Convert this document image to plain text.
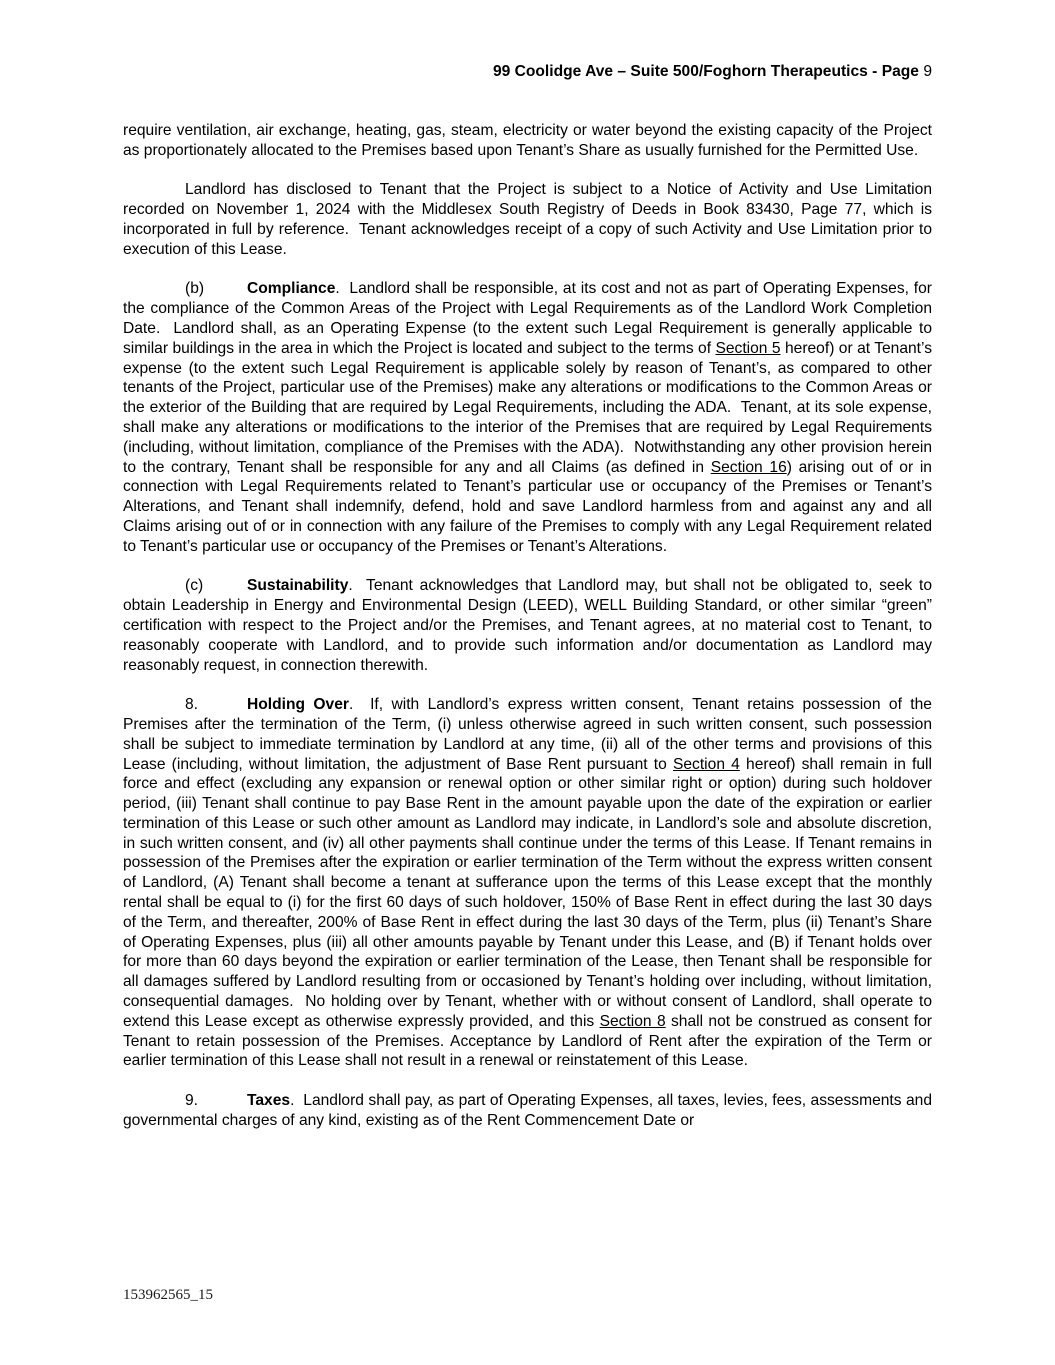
99 Coolidge Ave – Suite 500/Foghorn Therapeutics - Page 9

require ventilation, air exchange, heating, gas, steam, electricity or water beyond the existing capacity of the Project as proportionately allocated to the Premises based upon Tenant’s Share as usually furnished for the Permitted Use.

Landlord has disclosed to Tenant that the Project is subject to a Notice of Activity and Use Limitation recorded on November 1, 2024 with the Middlesex South Registry of Deeds in Book 83430, Page 77, which is incorporated in full by reference.  Tenant acknowledges receipt of a copy of such Activity and Use Limitation prior to execution of this Lease.

(b)	Compliance.  Landlord shall be responsible, at its cost and not as part of Operating Expenses, for the compliance of the Common Areas of the Project with Legal Requirements as of the Landlord Work Completion Date.  Landlord shall, as an Operating Expense (to the extent such Legal Requirement is generally applicable to similar buildings in the area in which the Project is located and subject to the terms of Section 5 hereof) or at Tenant’s expense (to the extent such Legal Requirement is applicable solely by reason of Tenant’s, as compared to other tenants of the Project, particular use of the Premises) make any alterations or modifications to the Common Areas or the exterior of the Building that are required by Legal Requirements, including the ADA.  Tenant, at its sole expense, shall make any alterations or modifications to the interior of the Premises that are required by Legal Requirements (including, without limitation, compliance of the Premises with the ADA).  Notwithstanding any other provision herein to the contrary, Tenant shall be responsible for any and all Claims (as defined in Section 16) arising out of or in connection with Legal Requirements related to Tenant’s particular use or occupancy of the Premises or Tenant’s Alterations, and Tenant shall indemnify, defend, hold and save Landlord harmless from and against any and all Claims arising out of or in connection with any failure of the Premises to comply with any Legal Requirement related to Tenant’s particular use or occupancy of the Premises or Tenant’s Alterations.

(c)	Sustainability.  Tenant acknowledges that Landlord may, but shall not be obligated to, seek to obtain Leadership in Energy and Environmental Design (LEED), WELL Building Standard, or other similar “green” certification with respect to the Project and/or the Premises, and Tenant agrees, at no material cost to Tenant, to reasonably cooperate with Landlord, and to provide such information and/or documentation as Landlord may reasonably request, in connection therewith.

8.	Holding Over.  If, with Landlord’s express written consent, Tenant retains possession of the Premises after the termination of the Term, (i) unless otherwise agreed in such written consent, such possession shall be subject to immediate termination by Landlord at any time, (ii) all of the other terms and provisions of this Lease (including, without limitation, the adjustment of Base Rent pursuant to Section 4 hereof) shall remain in full force and effect (excluding any expansion or renewal option or other similar right or option) during such holdover period, (iii) Tenant shall continue to pay Base Rent in the amount payable upon the date of the expiration or earlier termination of this Lease or such other amount as Landlord may indicate, in Landlord’s sole and absolute discretion, in such written consent, and (iv) all other payments shall continue under the terms of this Lease. If Tenant remains in possession of the Premises after the expiration or earlier termination of the Term without the express written consent of Landlord, (A) Tenant shall become a tenant at sufferance upon the terms of this Lease except that the monthly rental shall be equal to (i) for the first 60 days of such holdover, 150% of Base Rent in effect during the last 30 days of the Term, and thereafter, 200% of Base Rent in effect during the last 30 days of the Term, plus (ii) Tenant’s Share of Operating Expenses, plus (iii) all other amounts payable by Tenant under this Lease, and (B) if Tenant holds over for more than 60 days beyond the expiration or earlier termination of the Lease, then Tenant shall be responsible for all damages suffered by Landlord resulting from or occasioned by Tenant’s holding over including, without limitation, consequential damages.  No holding over by Tenant, whether with or without consent of Landlord, shall operate to extend this Lease except as otherwise expressly provided, and this Section 8 shall not be construed as consent for Tenant to retain possession of the Premises. Acceptance by Landlord of Rent after the expiration of the Term or earlier termination of this Lease shall not result in a renewal or reinstatement of this Lease.

9.	Taxes.  Landlord shall pay, as part of Operating Expenses, all taxes, levies, fees, assessments and governmental charges of any kind, existing as of the Rent Commencement Date or

153962565_15
